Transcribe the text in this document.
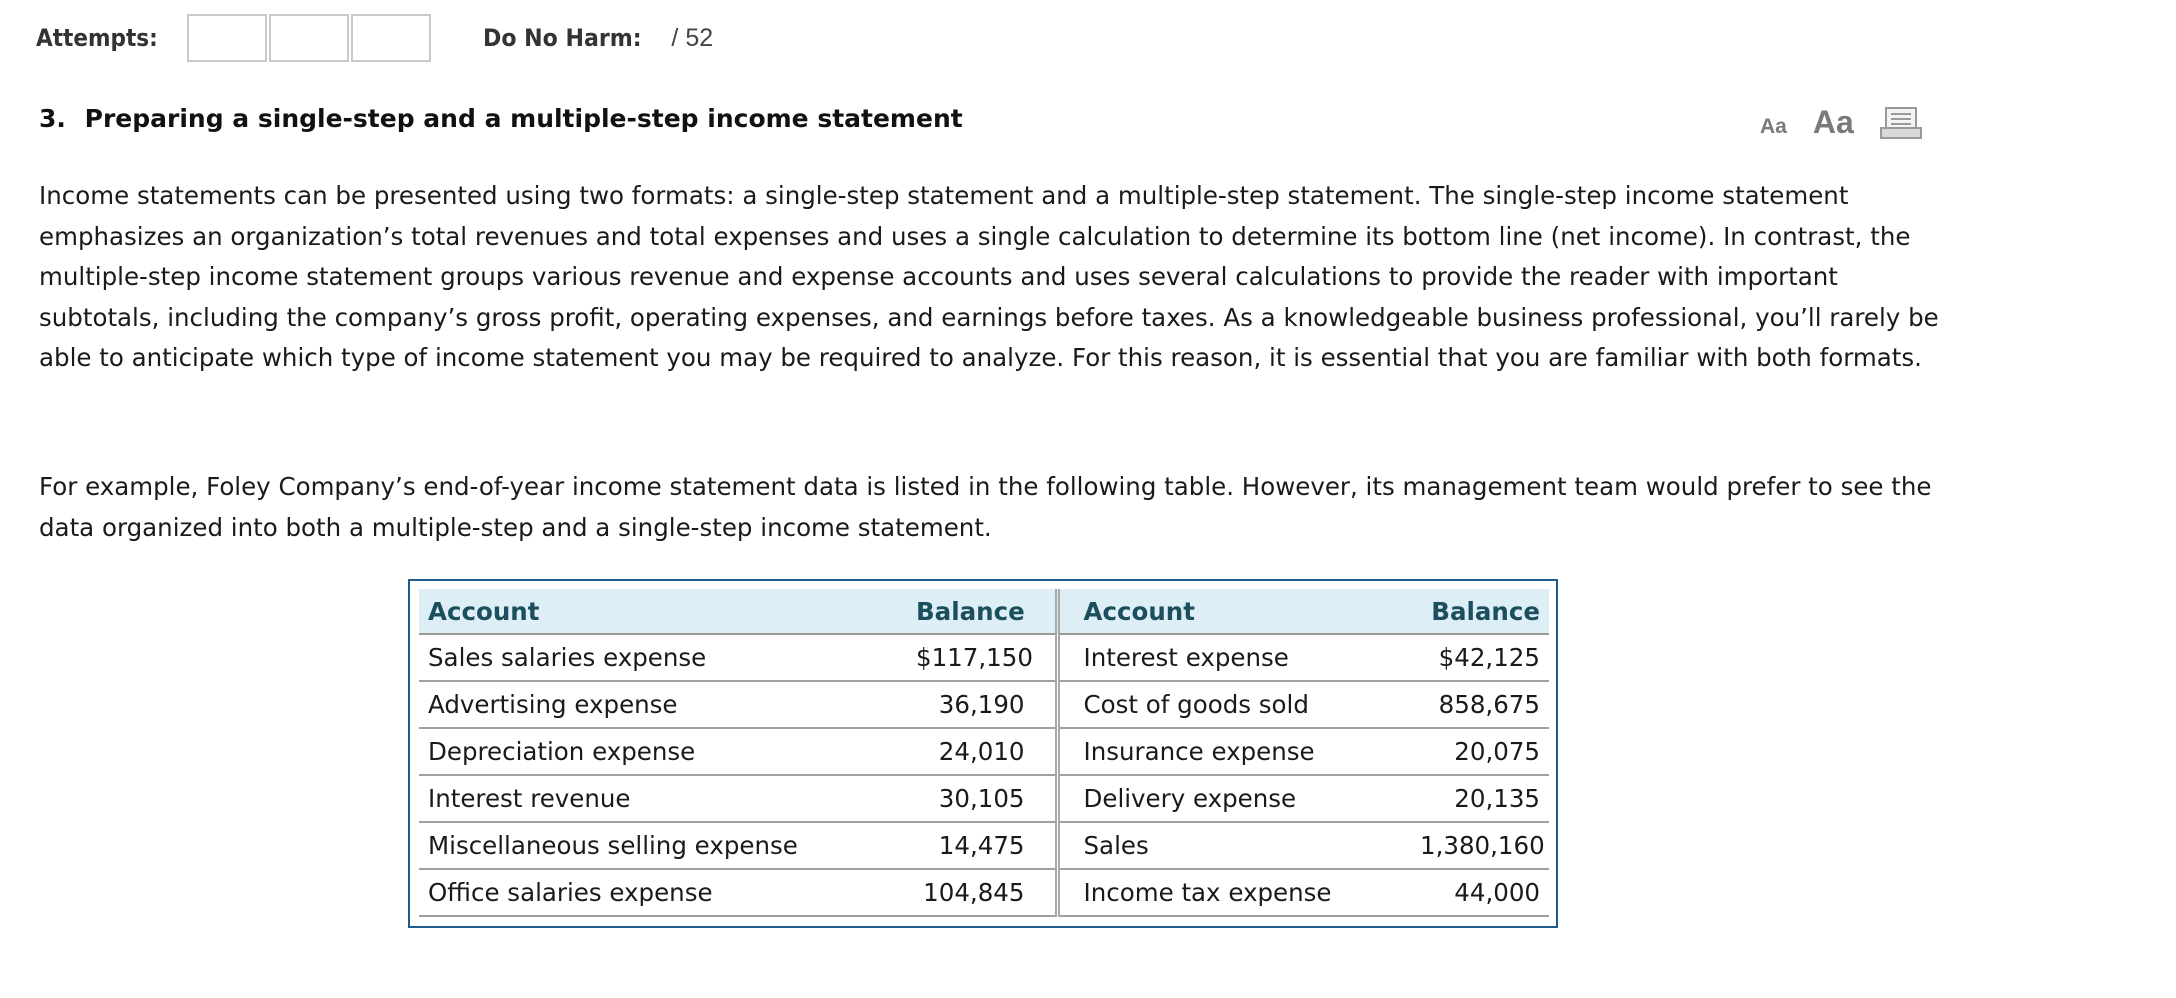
Attempts:	Do No Harm: / 52
3. Preparing a single-step and a multiple-step income statement	Aa Aa

Income statements can be presented using two formats: a single-step statement and a multiple-step statement. The single-step income statement emphasizes an organization’s total revenues and total expenses and uses a single calculation to determine its bottom line (net income). In contrast, the multiple-step income statement groups various revenue and expense accounts and uses several calculations to provide the reader with important subtotals, including the company’s gross profit, operating expenses, and earnings before taxes. As a knowledgeable business professional, you’ll rarely be able to anticipate which type of income statement you may be required to analyze. For this reason, it is essential that you are familiar with both formats.

For example, Foley Company’s end-of-year income statement data is listed in the following table. However, its management team would prefer to see the data organized into both a multiple-step and a single-step income statement.

Account	Balance	Account	Balance
Sales salaries expense	$117,150	Interest expense	$42,125
Advertising expense	36,190	Cost of goods sold	858,675
Depreciation expense	24,010	Insurance expense	20,075
Interest revenue	30,105	Delivery expense	20,135
Miscellaneous selling expense	14,475	Sales	1,380,160
Office salaries expense	104,845	Income tax expense	44,000
